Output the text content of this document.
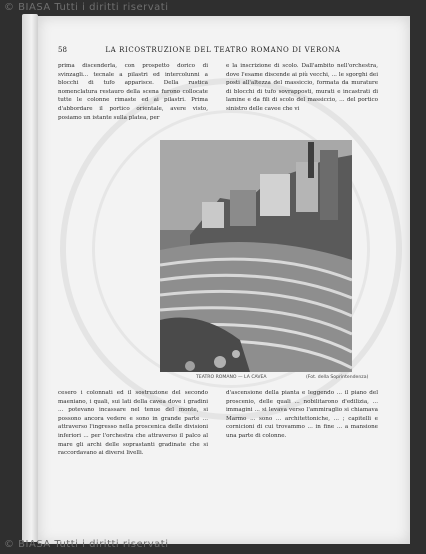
© BIASA Tutti i diritti riservati
58	LA RICOSTRUZIONE DEL TEATRO ROMANO DI VERONA
prima discenderla, con prospetto dorico di svinzagli... tecnale a pilastri ed intercolunni a blocchi di tufo apparisce. Della rustica nomenclatura restauro della scena furono collocate tutte le colonne rimaste ed ai pilastri. Prima d'abbordare il portico orientale, avere visto, posiamo un istante sulla platea, per
e la inscrizione di scolo. Dall'ambito nell'orchestra, dove l'esame discende ai più vecchi, ... le sgorghi dei posti all'altezza del massiccio, formata da murature di blocchi di tufo sovrapposti, murati e incastrati di lamine e da fili di scolo del massiccio, ... del portico sinistro delle cavee che vi
TEATRO ROMANO — LA CAVEA	(Fot. della Soprintendenza)
cesero i colonnati ed il sostruzione del secondo maeniano, i quali, sui lati della cavea dove i gradini ... potevano incassare nel tenue del monte, si possono ancora vedere e sono in grande parte ... attraverso l'ingresso nella proscenica delle divisioni inferiori ... per l'orchestra che attraverso il palco al mare gli archi delle soprastanti gradinate che si raccordavano ai diversi livelli.
d'ascensione della pianta e leggendo ... il piano del proscenio, delle quali ... nobilitarono d'edilizia, ... immagini ... si levava verso l'ammiraglio si chiamava Marmo ... sono ... architettoniche, ... ; capitelli e cornicioni di cui trovammo ... in fine ... a mansione una parte di colonne.
© BIASA Tutti i diritti riservati
